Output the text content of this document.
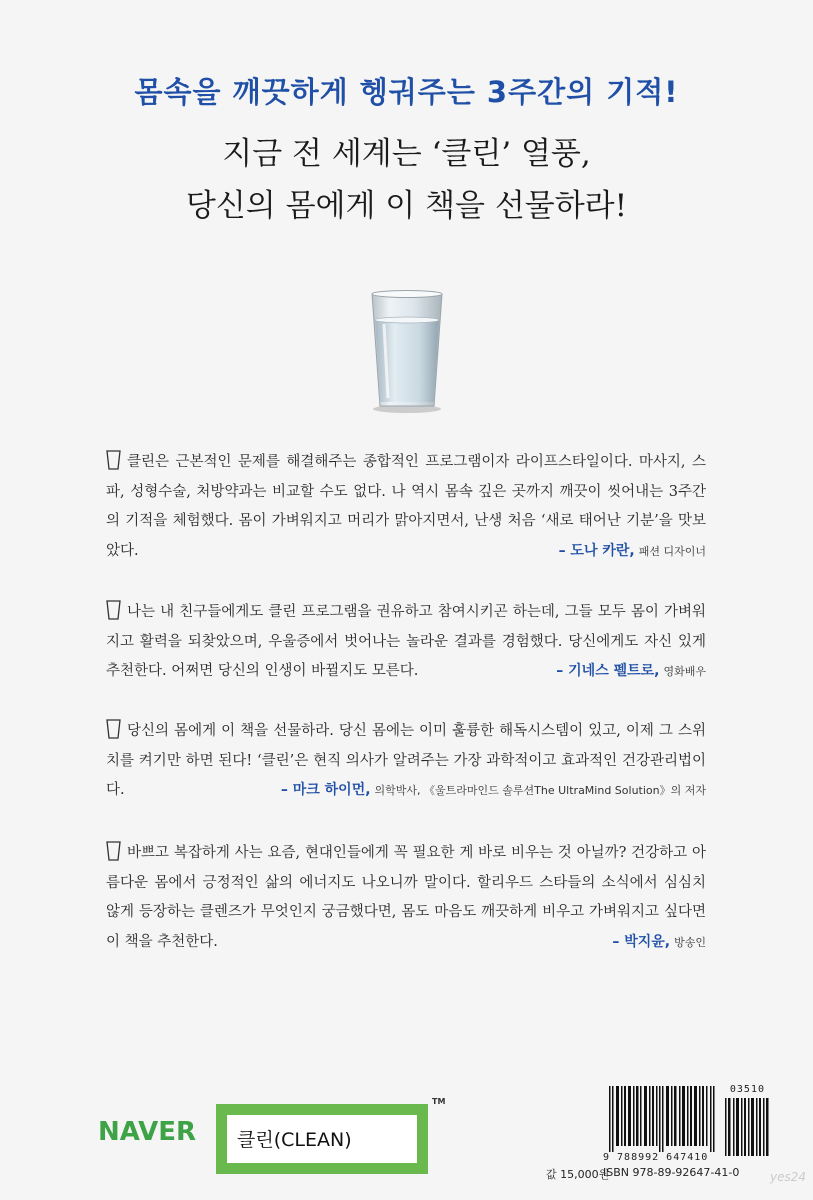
몸속을 깨끗하게 헹궈주는 3주간의 기적!
지금 전 세계는 ‘클린’ 열풍,
당신의 몸에게 이 책을 선물하라!
클린은 근본적인 문제를 해결해주는 종합적인 프로그램이자 라이프스타일이다. 마사지, 스파, 성형수술, 처방약과는 비교할 수도 없다. 나 역시 몸속 깊은 곳까지 깨끗이 씻어내는 3주간의 기적을 체험했다. 몸이 가벼워지고 머리가 맑아지면서, 난생 처음 ‘새로 태어난 기분’을 맛보았다.	– 도나 카란, 패션 디자이너
나는 내 친구들에게도 클린 프로그램을 권유하고 참여시키곤 하는데, 그들 모두 몸이 가벼워지고 활력을 되찾았으며, 우울증에서 벗어나는 놀라운 결과를 경험했다. 당신에게도 자신 있게 추천한다. 어쩌면 당신의 인생이 바뀔지도 모른다.	– 기네스 펠트로, 영화배우
당신의 몸에게 이 책을 선물하라. 당신 몸에는 이미 훌륭한 해독시스템이 있고, 이제 그 스위치를 켜기만 하면 된다! ‘클린’은 현직 의사가 알려주는 가장 과학적이고 효과적인 건강관리법이다.	– 마크 하이먼, 의학박사, 《울트라마인드 솔루션The UltraMind Solution》의 저자
바쁘고 복잡하게 사는 요즘, 현대인들에게 꼭 필요한 게 바로 비우는 것 아닐까? 건강하고 아름다운 몸에서 긍정적인 삶의 에너지도 나오니까 말이다. 할리우드 스타들의 소식에서 심심치 않게 등장하는 클렌즈가 무엇인지 궁금했다면, 몸도 마음도 깨끗하게 비우고 가벼워지고 싶다면 이 책을 추천한다.	– 박지윤, 방송인
NAVER 클린(CLEAN)
TM
03510
9 788992 647410
값 15,000원
ISBN 978-89-92647-41-0	yes24
